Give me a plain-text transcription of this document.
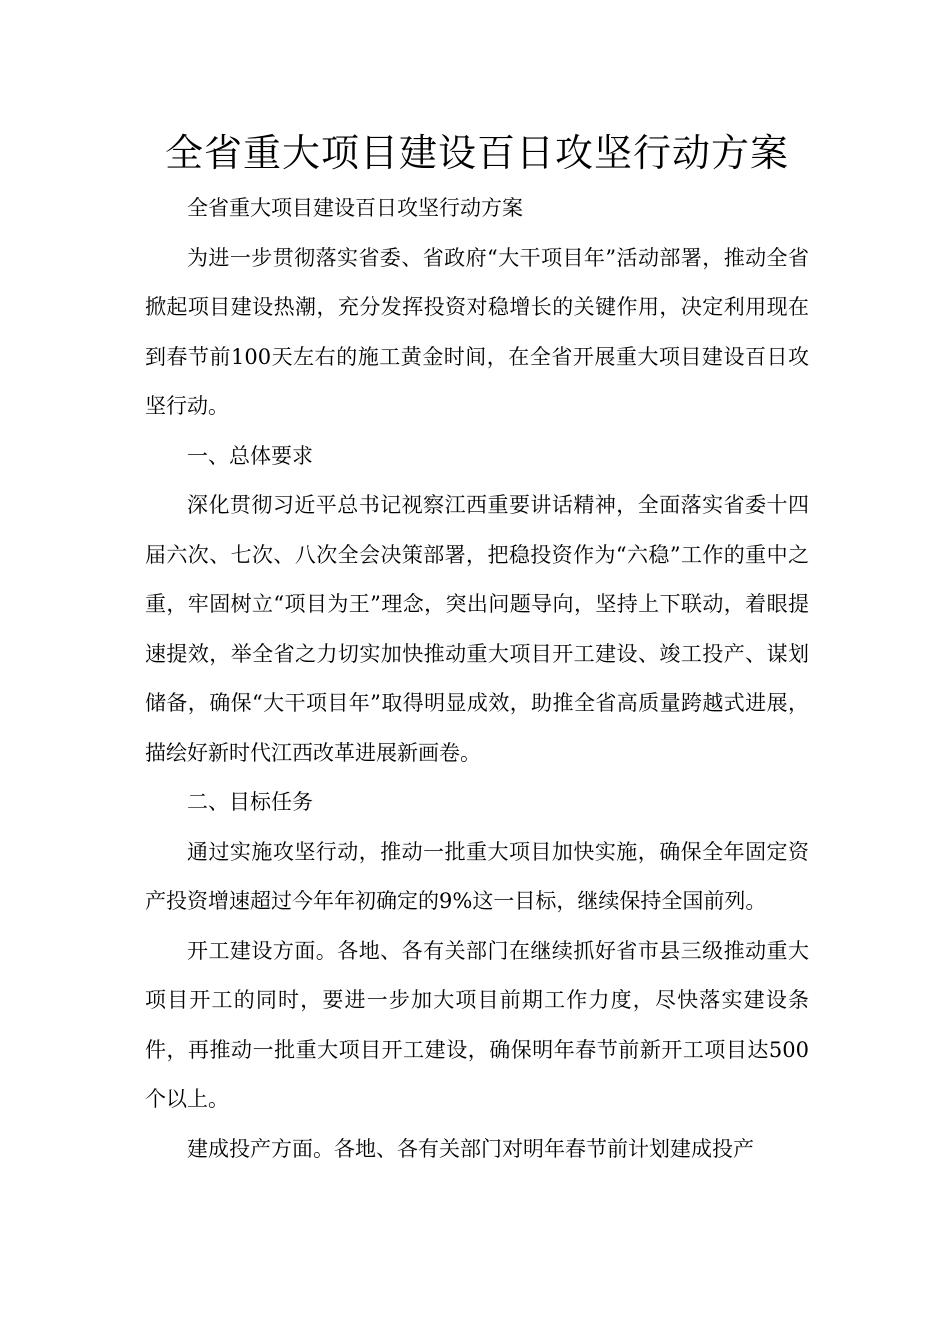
全省重大项目建设百日攻坚行动方案

全省重大项目建设百日攻坚行动方案

为进一步贯彻落实省委、省政府“大干项目年”活动部署，推动全省掀起项目建设热潮，充分发挥投资对稳增长的关键作用，决定利用现在到春节前100天左右的施工黄金时间，在全省开展重大项目建设百日攻坚行动。

一、总体要求

深化贯彻习近平总书记视察江西重要讲话精神，全面落实省委十四届六次、七次、八次全会决策部署，把稳投资作为“六稳”工作的重中之重，牢固树立“项目为王”理念，突出问题导向，坚持上下联动，着眼提速提效，举全省之力切实加快推动重大项目开工建设、竣工投产、谋划储备，确保“大干项目年”取得明显成效，助推全省高质量跨越式进展，描绘好新时代江西改革进展新画卷。

二、目标任务

通过实施攻坚行动，推动一批重大项目加快实施，确保全年固定资产投资增速超过今年年初确定的9%这一目标，继续保持全国前列。

开工建设方面。各地、各有关部门在继续抓好省市县三级推动重大项目开工的同时，要进一步加大项目前期工作力度，尽快落实建设条件，再推动一批重大项目开工建设，确保明年春节前新开工项目达500个以上。

建成投产方面。各地、各有关部门对明年春节前计划建成投产
